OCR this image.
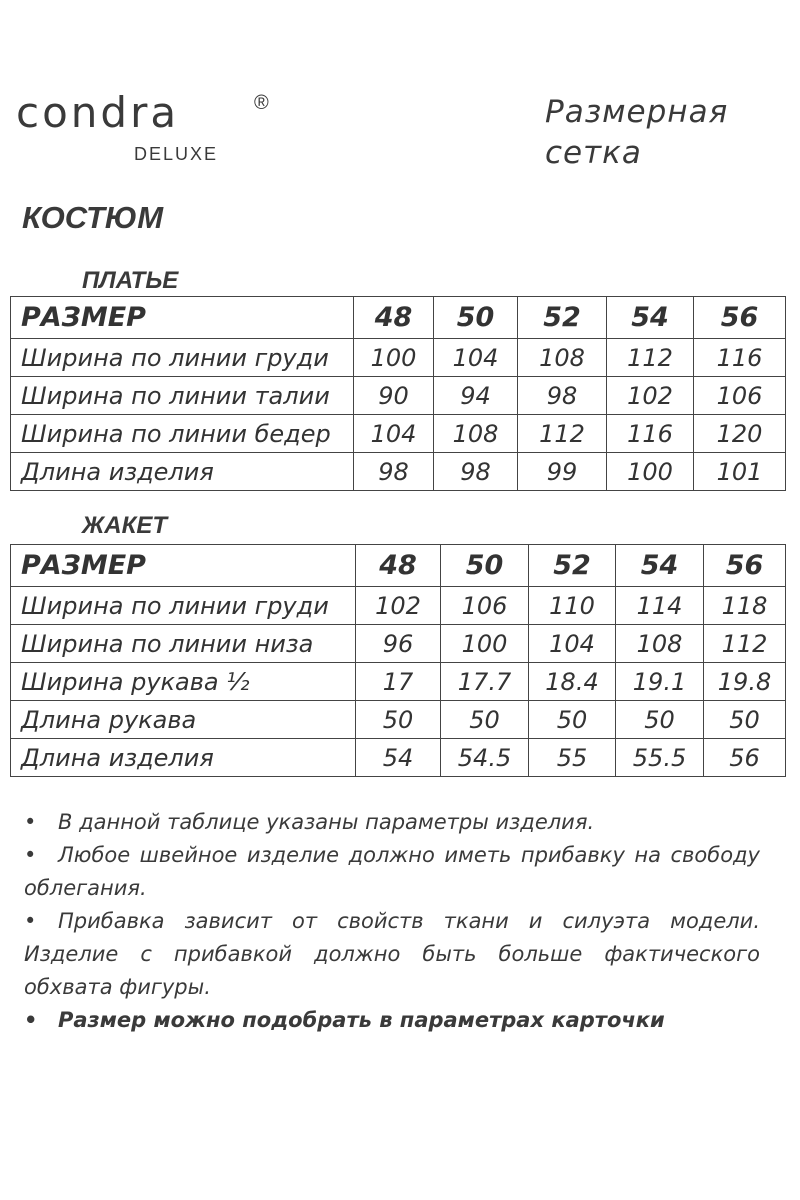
condra	®
DELUXE
Размерная
сетка
КОСТЮМ
ПЛАТЬЕ
РАЗМЕР	48	50	52	54	56
Ширина по линии груди	100	104	108	112	116
Ширина по линии талии	90	94	98	102	106
Ширина по линии бедер	104	108	112	116	120
Длина изделия	98	98	99	100	101
ЖАКЕТ
РАЗМЕР	48	50	52	54	56
Ширина по линии груди	102	106	110	114	118
Ширина по линии низа	96	100	104	108	112
Ширина рукава ½	17	17.7	18.4	19.1	19.8
Длина рукава	50	50	50	50	50
Длина изделия	54	54.5	55	55.5	56

• В данной таблице указаны параметры изделия.

• Любое швейное изделие должно иметь прибавку на свободу облегания.

• Прибавка зависит от свойств ткани и силуэта модели. Изделие с прибавкой должно быть больше фактического обхвата фигуры.

• Размер можно подобрать в параметрах карточки
